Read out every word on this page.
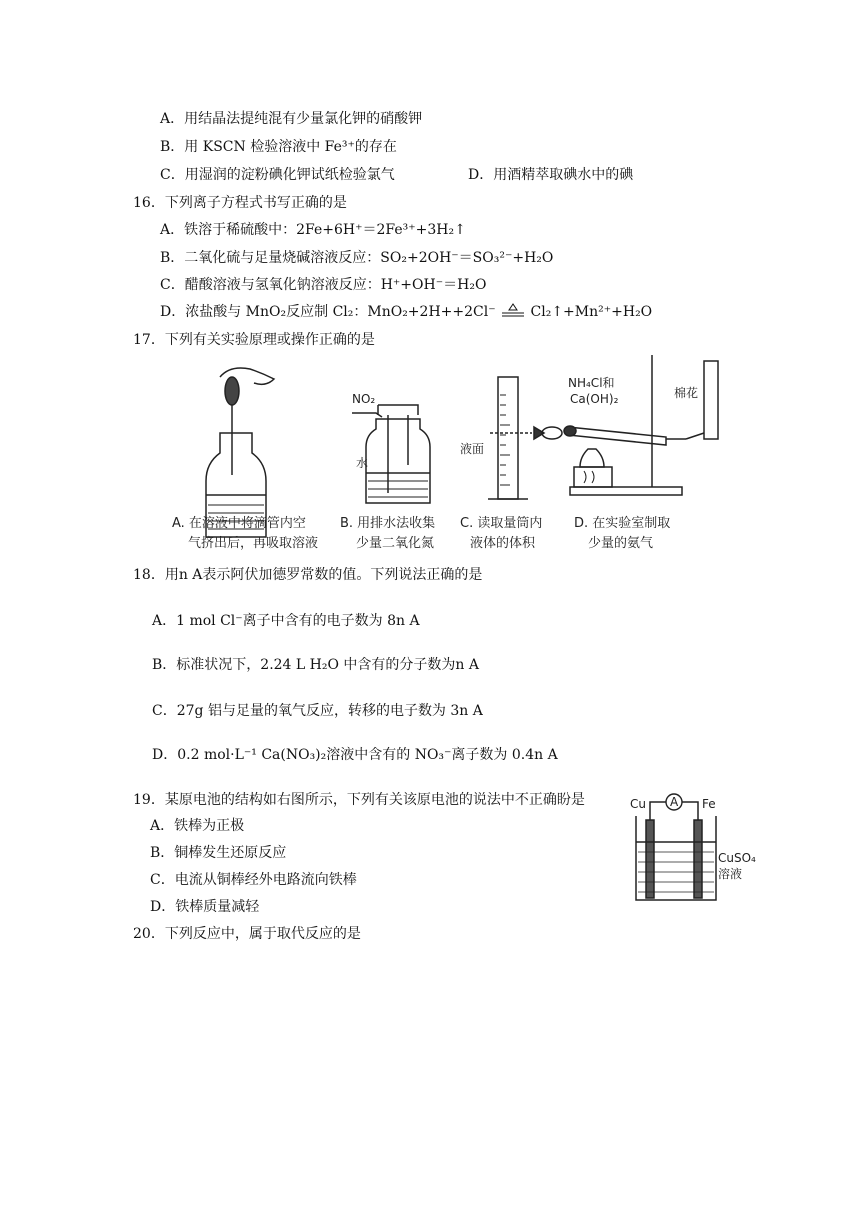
A．用结晶法提纯混有少量氯化钾的硝酸钾
B．用 KSCN 检验溶液中 Fe³⁺的存在
C．用湿润的淀粉碘化钾试纸检验氯气	D．用酒精萃取碘水中的碘
16．下列离子方程式书写正确的是
A．铁溶于稀硫酸中：2Fe+6H⁺＝2Fe³⁺+3H₂↑
B．二氧化硫与足量烧碱溶液反应：SO₂+2OH⁻＝SO₃²⁻+H₂O
C．醋酸溶液与氢氧化钠溶液反应：H⁺+OH⁻＝H₂O
D．浓盐酸与 MnO₂反应制 Cl₂：MnO₂+2H++2Cl⁻ Cl₂↑+Mn²⁺+H₂O
17．下列有关实验原理或操作正确的是
A. 在溶液中将滴管内空
气挤出后，再吸取溶液
NO₂
水
B. 用排水法收集
少量二氧化氮
液面
C. 读取量筒内
液体的体积
NH₄Cl和
Ca(OH)₂	棉花
D. 在实验室制取
少量的氨气
18．用n A表示阿伏加德罗常数的值。下列说法正确的是
A．1 mol Cl⁻离子中含有的电子数为 8n A
B．标准状况下，2.24 L H₂O 中含有的分子数为n A
C．27g 铝与足量的氧气反应，转移的电子数为 3n A
D．0.2 mol·L⁻¹ Ca(NO₃)₂溶液中含有的 NO₃⁻离子数为 0.4n A
19．某原电池的结构如右图所示，下列有关该原电池的说法中不正确盼是
A．铁棒为正极
B．铜棒发生还原反应
C．电流从铜棒经外电路流向铁棒
D．铁棒质量减轻
Cu	Fe
A
CuSO₄
溶液
20．下列反应中，属于取代反应的是
